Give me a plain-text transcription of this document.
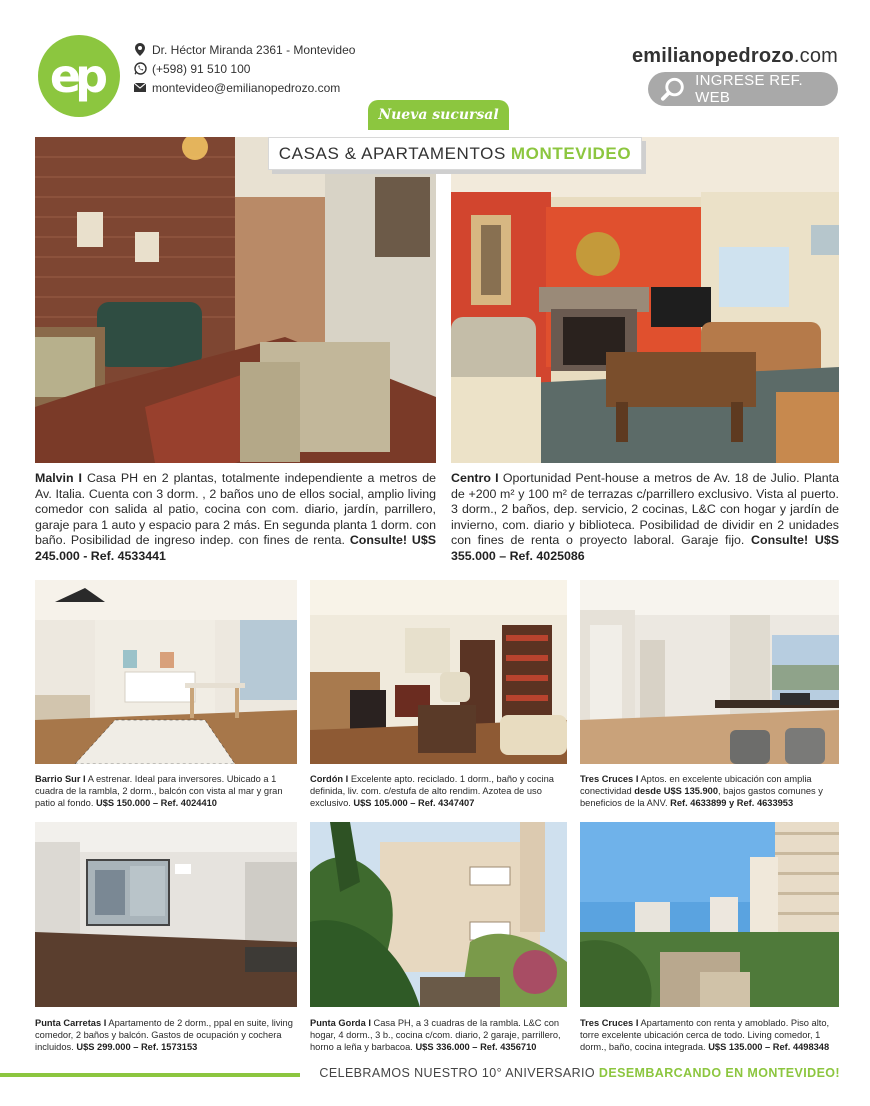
ep	Dr. Héctor Miranda 2361 - Montevideo
(+598) 91 510 100
montevideo@emilianopedrozo.com
emilianopedrozo.com
INGRESE REF. WEB
Nueva sucursal
CASAS & APARTAMENTOS MONTEVIDEO
Malvin I Casa PH en 2 plantas, totalmente independiente a metros de Av. Italia. Cuenta con 3 dorm. , 2 baños uno de ellos social, amplio living comedor con salida al patio, cocina con com. diario, jardín, parrillero, garaje para 1 auto y espacio para 2 más. En segunda planta 1 dorm. con baño. Posibilidad de ingreso indep. con fines de renta. Consulte! U$S 245.000 - Ref. 4533441
Centro I Oportunidad Pent-house a metros de Av. 18 de Julio. Planta de +200 m² y 100 m² de terrazas c/parrillero exclusivo. Vista al puerto. 3 dorm., 2 baños, dep. servicio, 2 cocinas, L&C con hogar y jardín de invierno, com. diario y biblioteca. Posibilidad de dividir en 2 unidades con fines de renta o proyecto laboral. Garaje fijo. Consulte! U$S 355.000 – Ref. 4025086
Barrio Sur I A estrenar. Ideal para inversores. Ubicado a 1 cuadra de la rambla, 2 dorm., balcón con vista al mar y gran patio al fondo. U$S 150.000 – Ref. 4024410
Cordón I Excelente apto. reciclado. 1 dorm., baño y cocina definida, liv. com. c/estufa de alto rendim. Azotea de uso exclusivo. U$S 105.000 – Ref. 4347407
Tres Cruces I Aptos. en excelente ubicación con amplia conectividad desde U$S 135.900, bajos gastos comunes y beneficios de la ANV. Ref. 4633899 y Ref. 4633953
Punta Carretas I Apartamento de 2 dorm., ppal en suite, living comedor, 2 baños y balcón. Gastos de ocupación y cochera incluidos. U$S 299.000 – Ref. 1573153
Punta Gorda I Casa PH, a 3 cuadras de la rambla. L&C con hogar, 4 dorm., 3 b., cocina c/com. diario, 2 garaje, parrillero, horno a leña y barbacoa. U$S 336.000 – Ref. 4356710
Tres Cruces I Apartamento con renta y amoblado. Piso alto, torre excelente ubicación cerca de todo. Living comedor, 1 dorm., baño, cocina integrada. U$S 135.000 – Ref. 4498348
CELEBRAMOS NUESTRO 10° ANIVERSARIO DESEMBARCANDO EN MONTEVIDEO!
